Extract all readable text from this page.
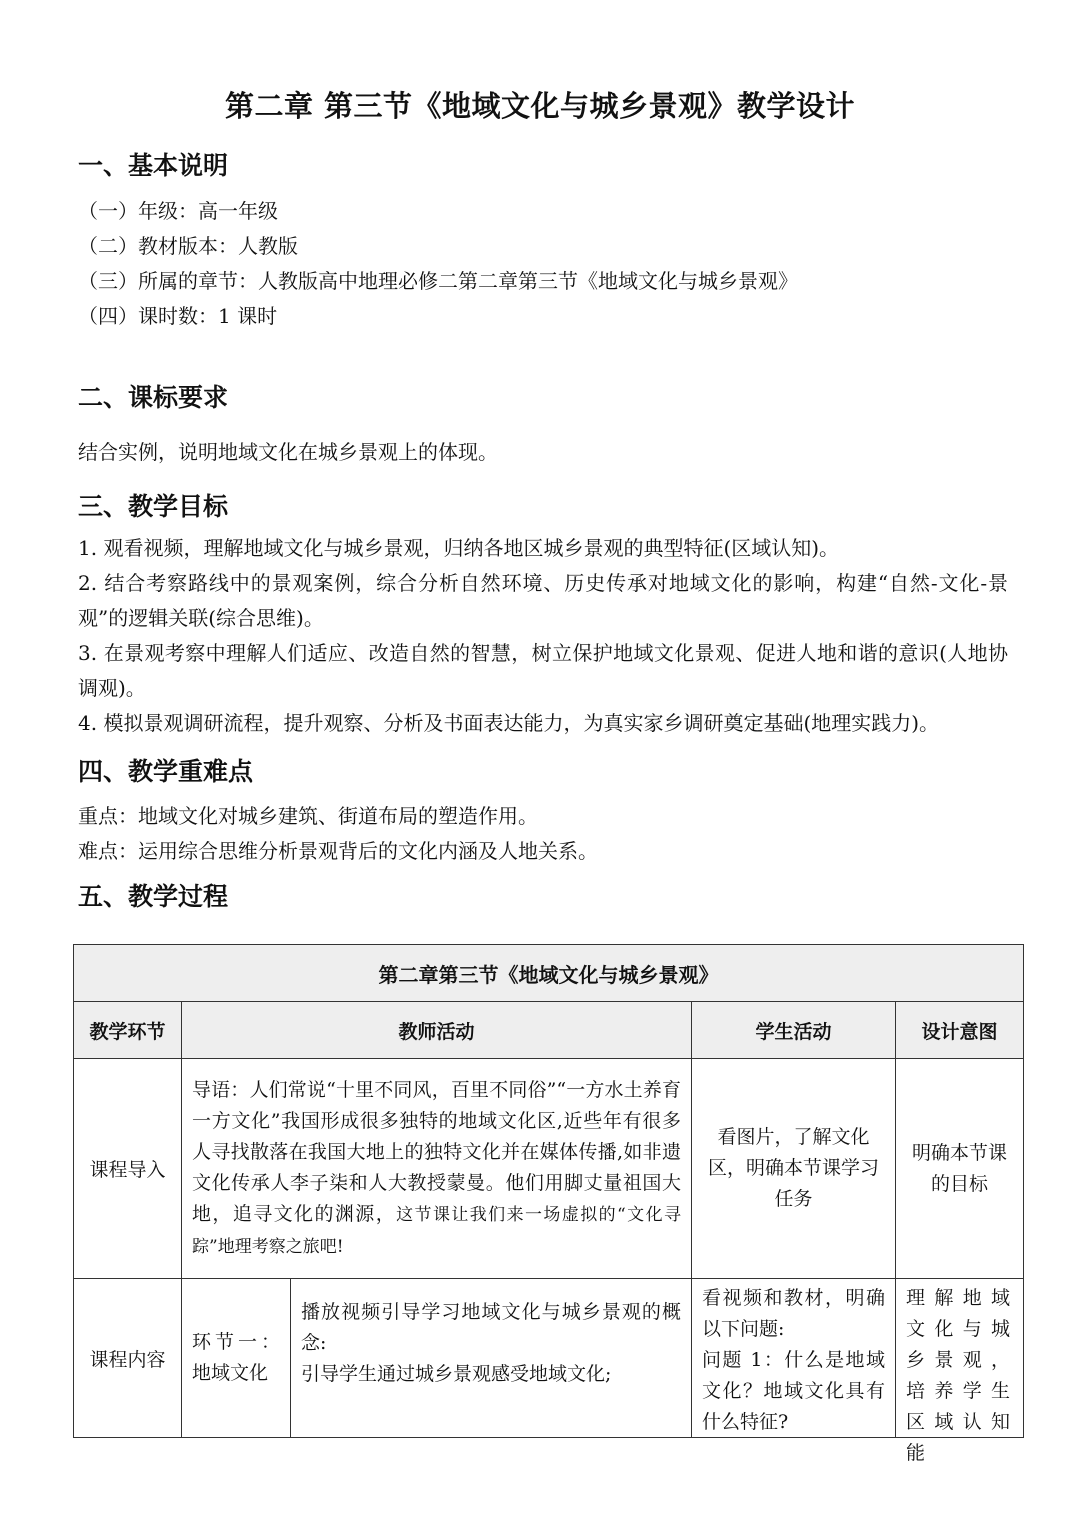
第二章 第三节《地域文化与城乡景观》教学设计
一、基本说明
（一）年级：高一年级
（二）教材版本：人教版
（三）所属的章节：人教版高中地理必修二第二章第三节《地域文化与城乡景观》
（四）课时数：1 课时
二、课标要求
结合实例，说明地域文化在城乡景观上的体现。
三、教学目标
1. 观看视频，理解地域文化与城乡景观，归纳各地区城乡景观的典型特征(区域认知)。
2. 结合考察路线中的景观案例，综合分析自然环境、历史传承对地域文化的影响，构建“自然-文化-景观”的逻辑关联(综合思维)。
3. 在景观考察中理解人们适应、改造自然的智慧，树立保护地域文化景观、促进人地和谐的意识(人地协调观)。
4. 模拟景观调研流程，提升观察、分析及书面表达能力，为真实家乡调研奠定基础(地理实践力)。
四、教学重难点
重点：地域文化对城乡建筑、街道布局的塑造作用。
难点：运用综合思维分析景观背后的文化内涵及人地关系。
五、教学过程
第二章第三节《地域文化与城乡景观》				
教学环节	教师活动		学生活动	设计意图
课程导入	导语：人们常说“十里不同风，百里不同俗”“一方水土养育一方文化”我国形成很多独特的地域文化区,近些年有很多人寻找散落在我国大地上的独特文化并在媒体传播,如非遗文化传承人李子柒和人大教授蒙曼。他们用脚丈量祖国大地，追寻文化的渊源，这节课让我们来一场虚拟的“文化寻踪”地理考察之旅吧!		看图片，了解文化区，明确本节课学习任务	明确本节课的目标

课程内容	环节一：地域文化	播放视频引导学习地域文化与城乡景观的概念:
引导学生通过城乡景观感受地域文化;	看视频和教材，明确以下问题:
问题 1：什么是地域文化？地域文化具有什么特征?	理解地域文化与城乡景观，培养学生区域认知能
